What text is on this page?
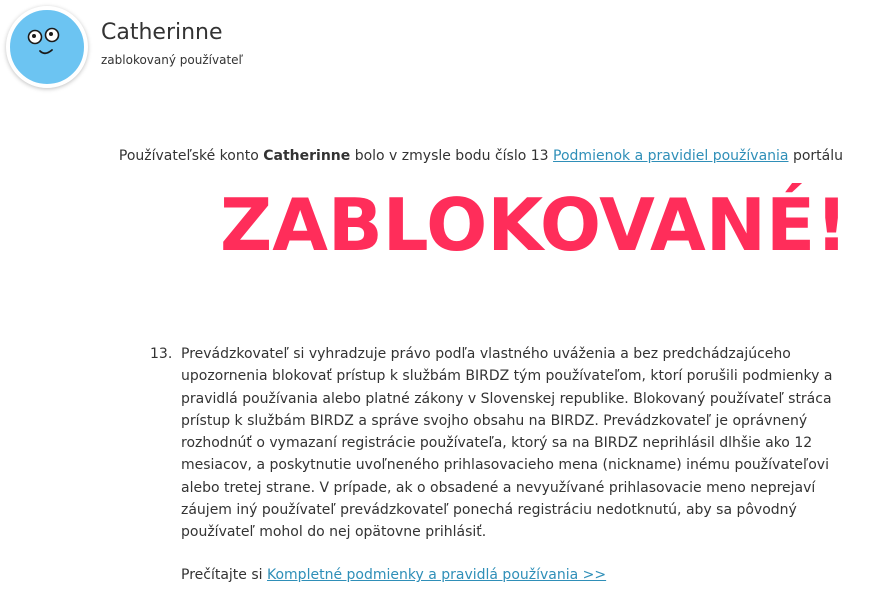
Catherinne
zablokovaný používateľ
Používateľské konto Catherinne bolo v zmysle bodu číslo 13 Podmienok a pravidiel používania portálu
ZABLOKOVANÉ!
13. Prevádzkovateľ si vyhradzuje právo podľa vlastného uváženia a bez predchádzajúceho upozornenia blokovať prístup k službám BIRDZ tým používateľom, ktorí porušili podmienky a pravidlá používania alebo platné zákony v Slovenskej republike. Blokovaný používateľ stráca prístup k službám BIRDZ a správe svojho obsahu na BIRDZ. Prevádzkovateľ je oprávnený rozhodnúť o vymazaní registrácie používateľa, ktorý sa na BIRDZ neprihlásil dlhšie ako 12 mesiacov, a poskytnutie uvoľneného prihlasovacieho mena (nickname) inému používateľovi alebo tretej strane. V prípade, ak o obsadené a nevyužívané prihlasovacie meno neprejaví záujem iný používateľ prevádzkovateľ ponechá registráciu nedotknutú, aby sa pôvodný používateľ mohol do nej opätovne prihlásiť.
Prečítajte si Kompletné podmienky a pravidlá používania >>
